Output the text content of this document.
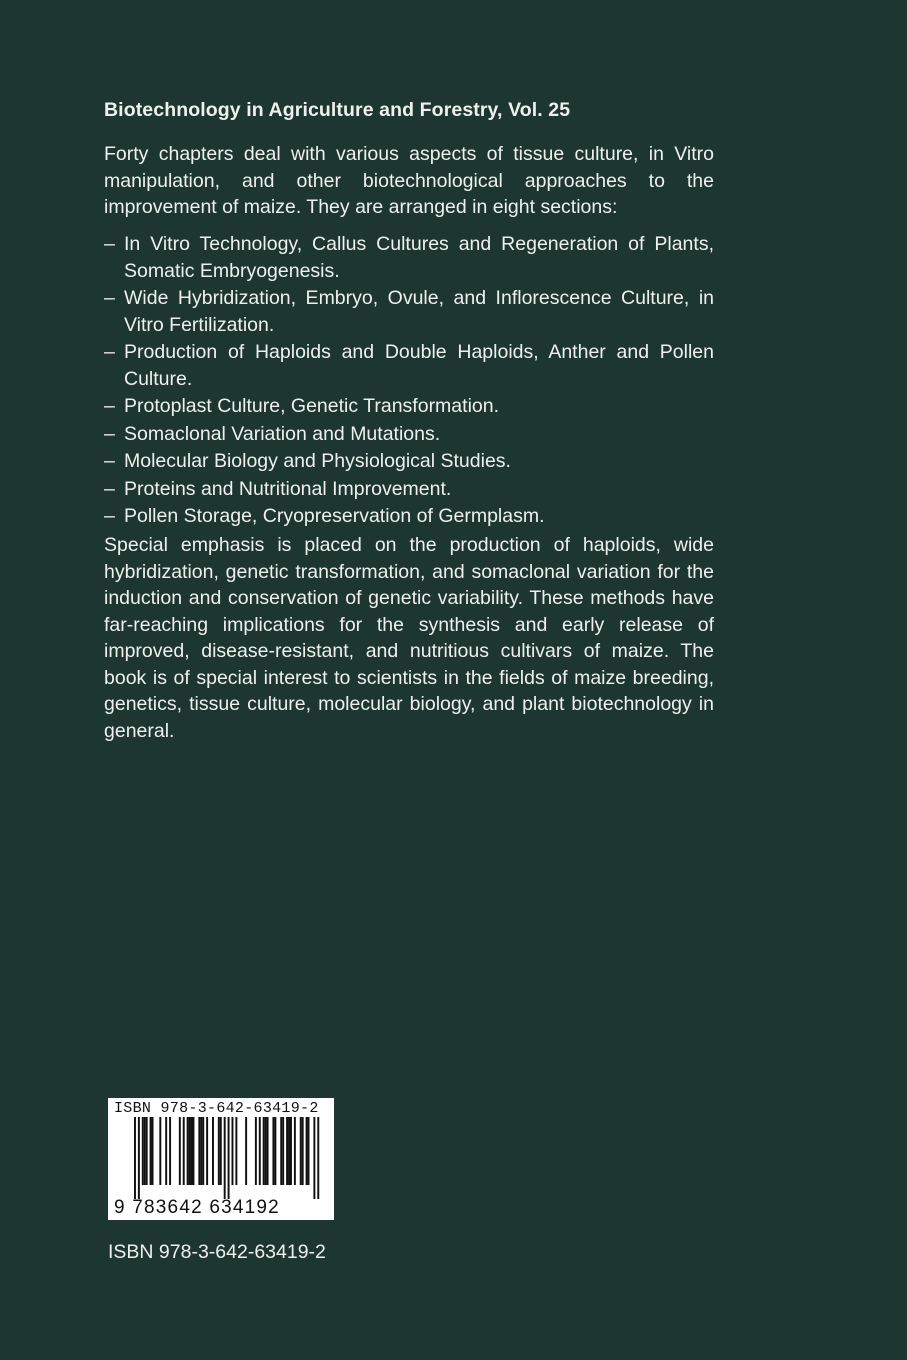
Biotechnology in Agriculture and Forestry, Vol. 25
Forty chapters deal with various aspects of tissue culture, in Vitro manipulation, and other biotechnological approaches to the improvement of maize. They are arranged in eight sections:
– In Vitro Technology, Callus Cultures and Regeneration of Plants, Somatic Embryogenesis.
– Wide Hybridization, Embryo, Ovule, and Inflorescence Culture, in Vitro Fertilization.
– Production of Haploids and Double Haploids, Anther and Pollen Culture.
– Protoplast Culture, Genetic Transformation.
– Somaclonal Variation and Mutations.
– Molecular Biology and Physiological Studies.
– Proteins and Nutritional Improvement.
– Pollen Storage, Cryopreservation of Germplasm.
Special emphasis is placed on the production of haploids, wide hybridization, genetic transformation, and somaclonal variation for the induction and conservation of genetic variability. These methods have far-reaching implications for the synthesis and early release of improved, disease-resistant, and nutritious cultivars of maize. The book is of special interest to scientists in the fields of maize breeding, genetics, tissue culture, molecular biology, and plant biotechnology in general.
ISBN 978-3-642-63419-2
9 783642 634192
ISBN 978-3-642-63419-2
